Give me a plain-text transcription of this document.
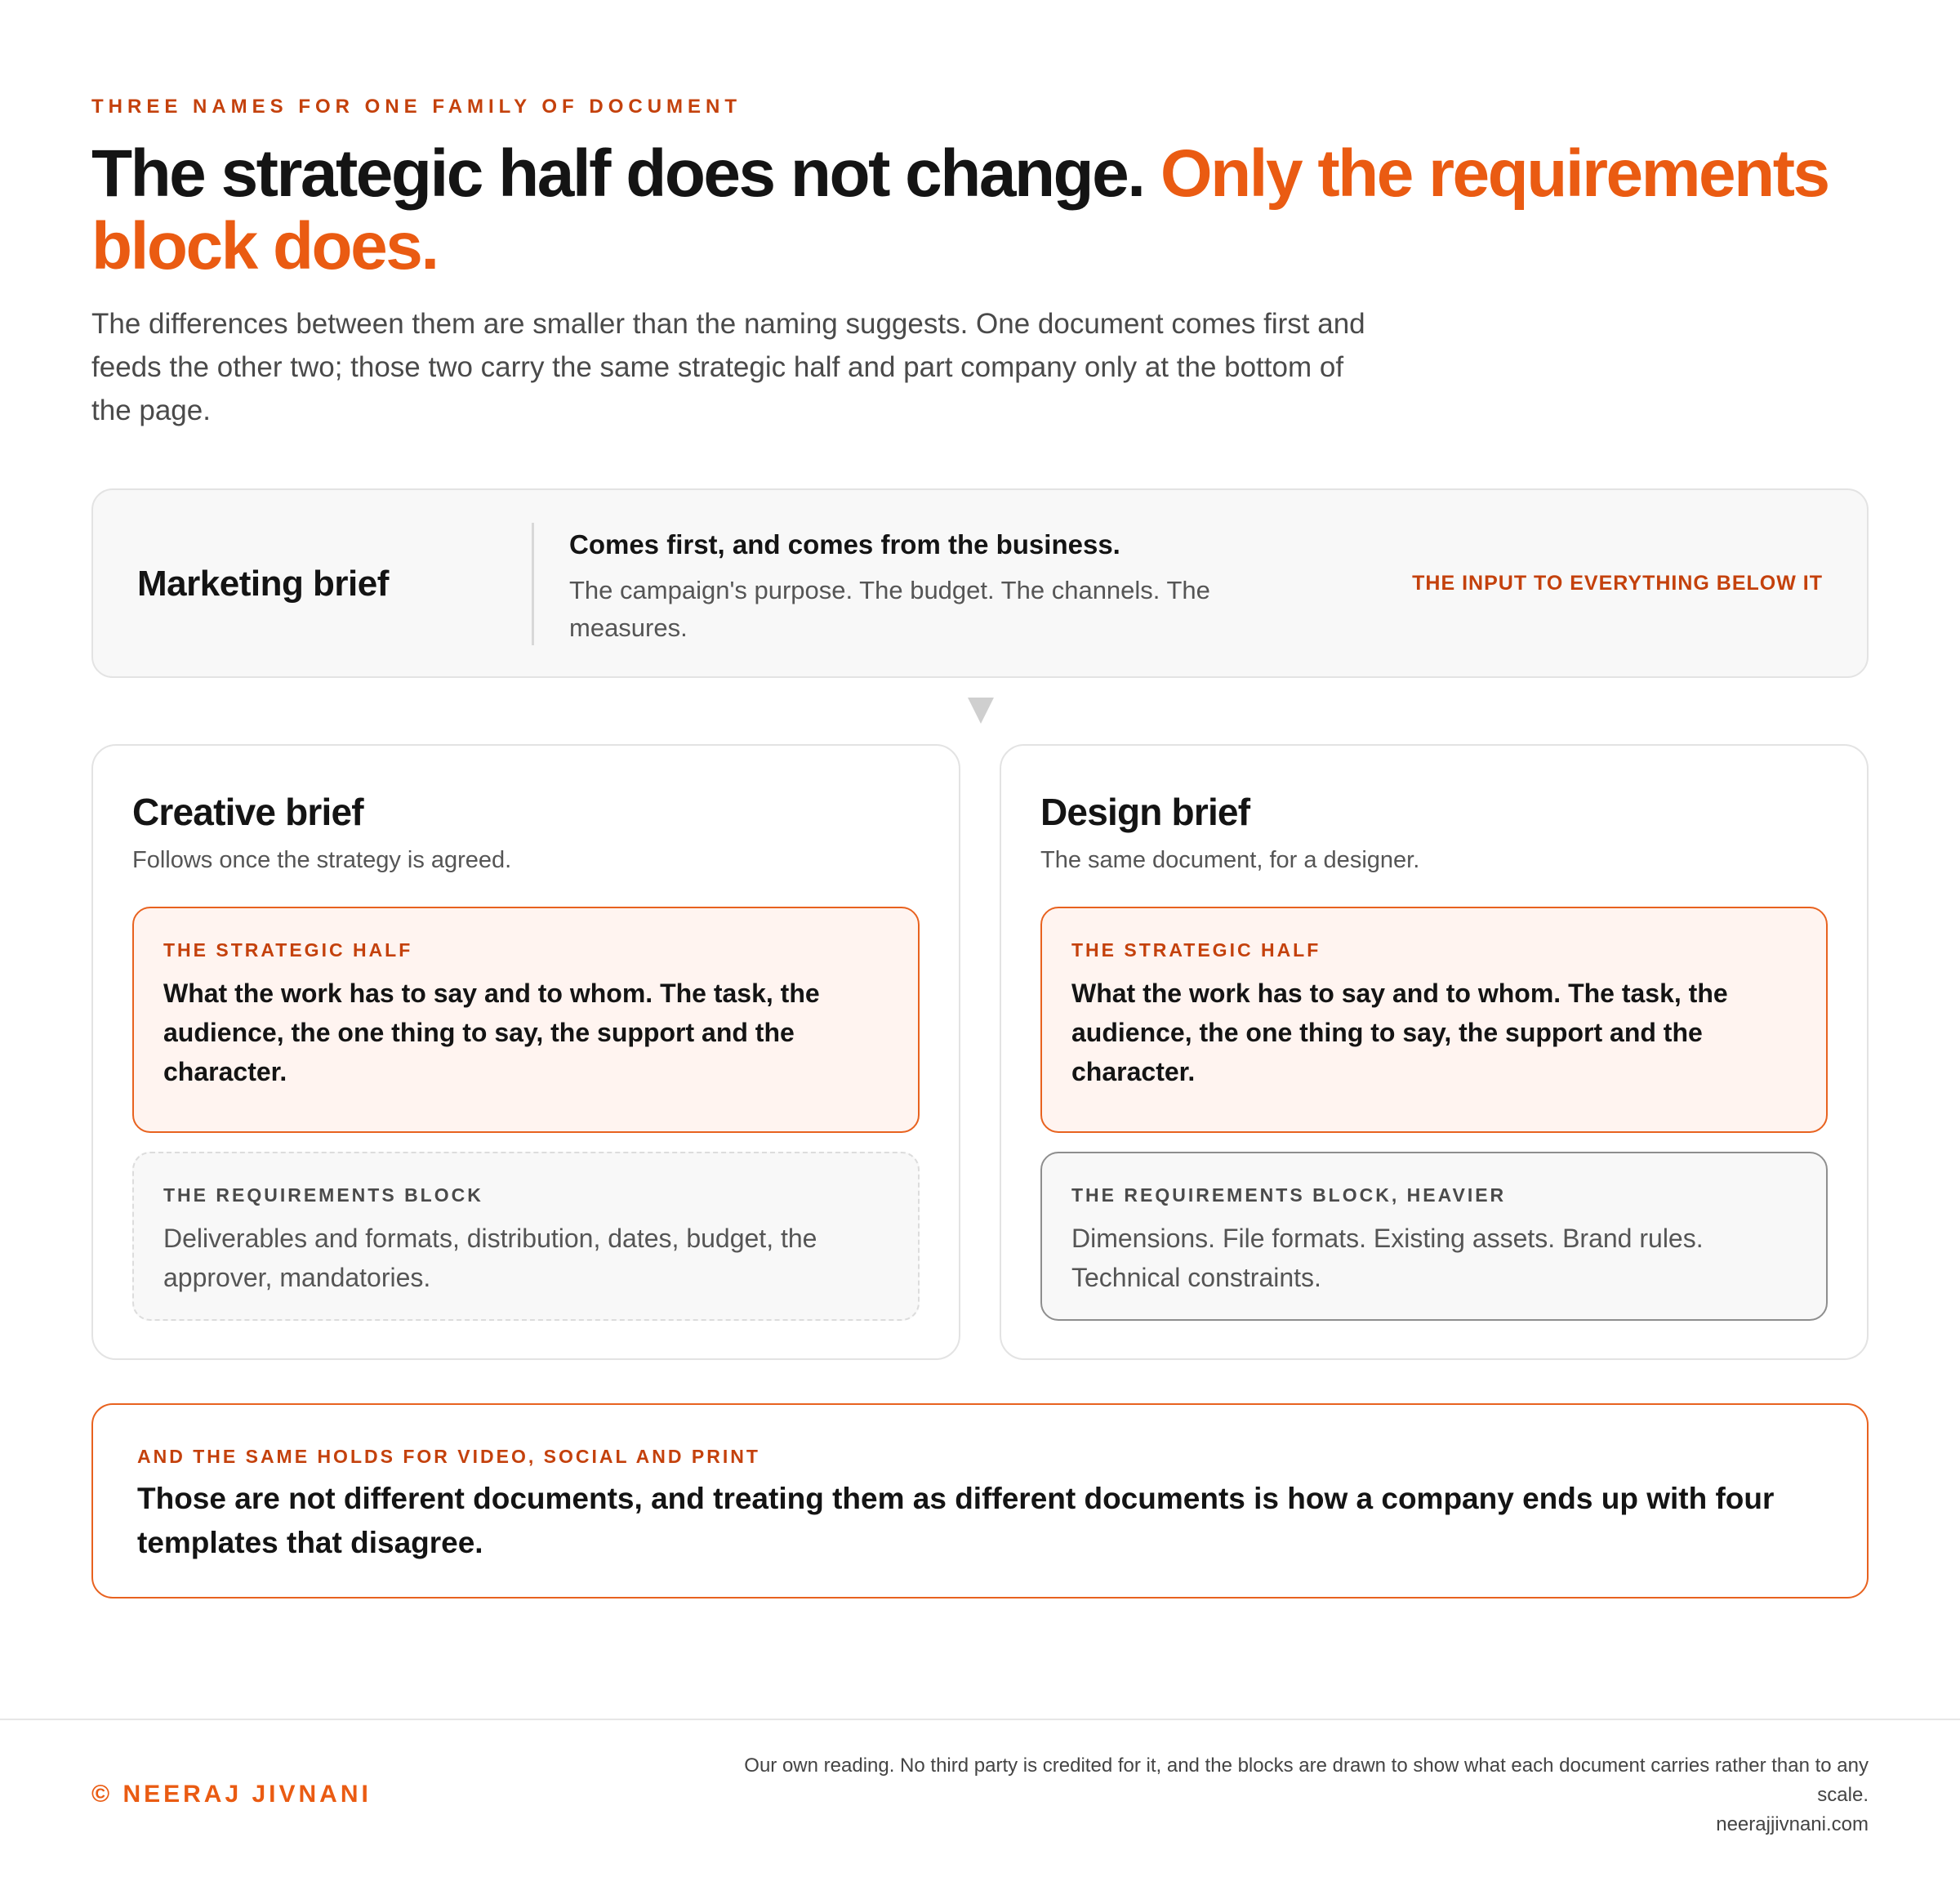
THREE NAMES FOR ONE FAMILY OF DOCUMENT
The strategic half does not change. Only the requirements block does.

The differences between them are smaller than the naming suggests. One document comes first and feeds the other two; those two carry the same strategic half and part company only at the bottom of the page.

Marketing brief
Comes first, and comes from the business.
The campaign's purpose. The budget. The channels. The measures.
THE INPUT TO EVERYTHING BELOW IT
Creative brief
Follows once the strategy is agreed.
THE STRATEGIC HALF
What the work has to say and to whom. The task, the audience, the one thing to say, the support and the character.
THE REQUIREMENTS BLOCK
Deliverables and formats, distribution, dates, budget, the approver, mandatories.
Design brief
The same document, for a designer.
THE STRATEGIC HALF
What the work has to say and to whom. The task, the audience, the one thing to say, the support and the character.
THE REQUIREMENTS BLOCK, HEAVIER
Dimensions. File formats. Existing assets. Brand rules. Technical constraints.
AND THE SAME HOLDS FOR VIDEO, SOCIAL AND PRINT
Those are not different documents, and treating them as different documents is how a company ends up with four templates that disagree.
© NEERAJ JIVNANI
Our own reading. No third party is credited for it, and the blocks are drawn to show what each document carries rather than to any scale.
neerajjivnani.com
